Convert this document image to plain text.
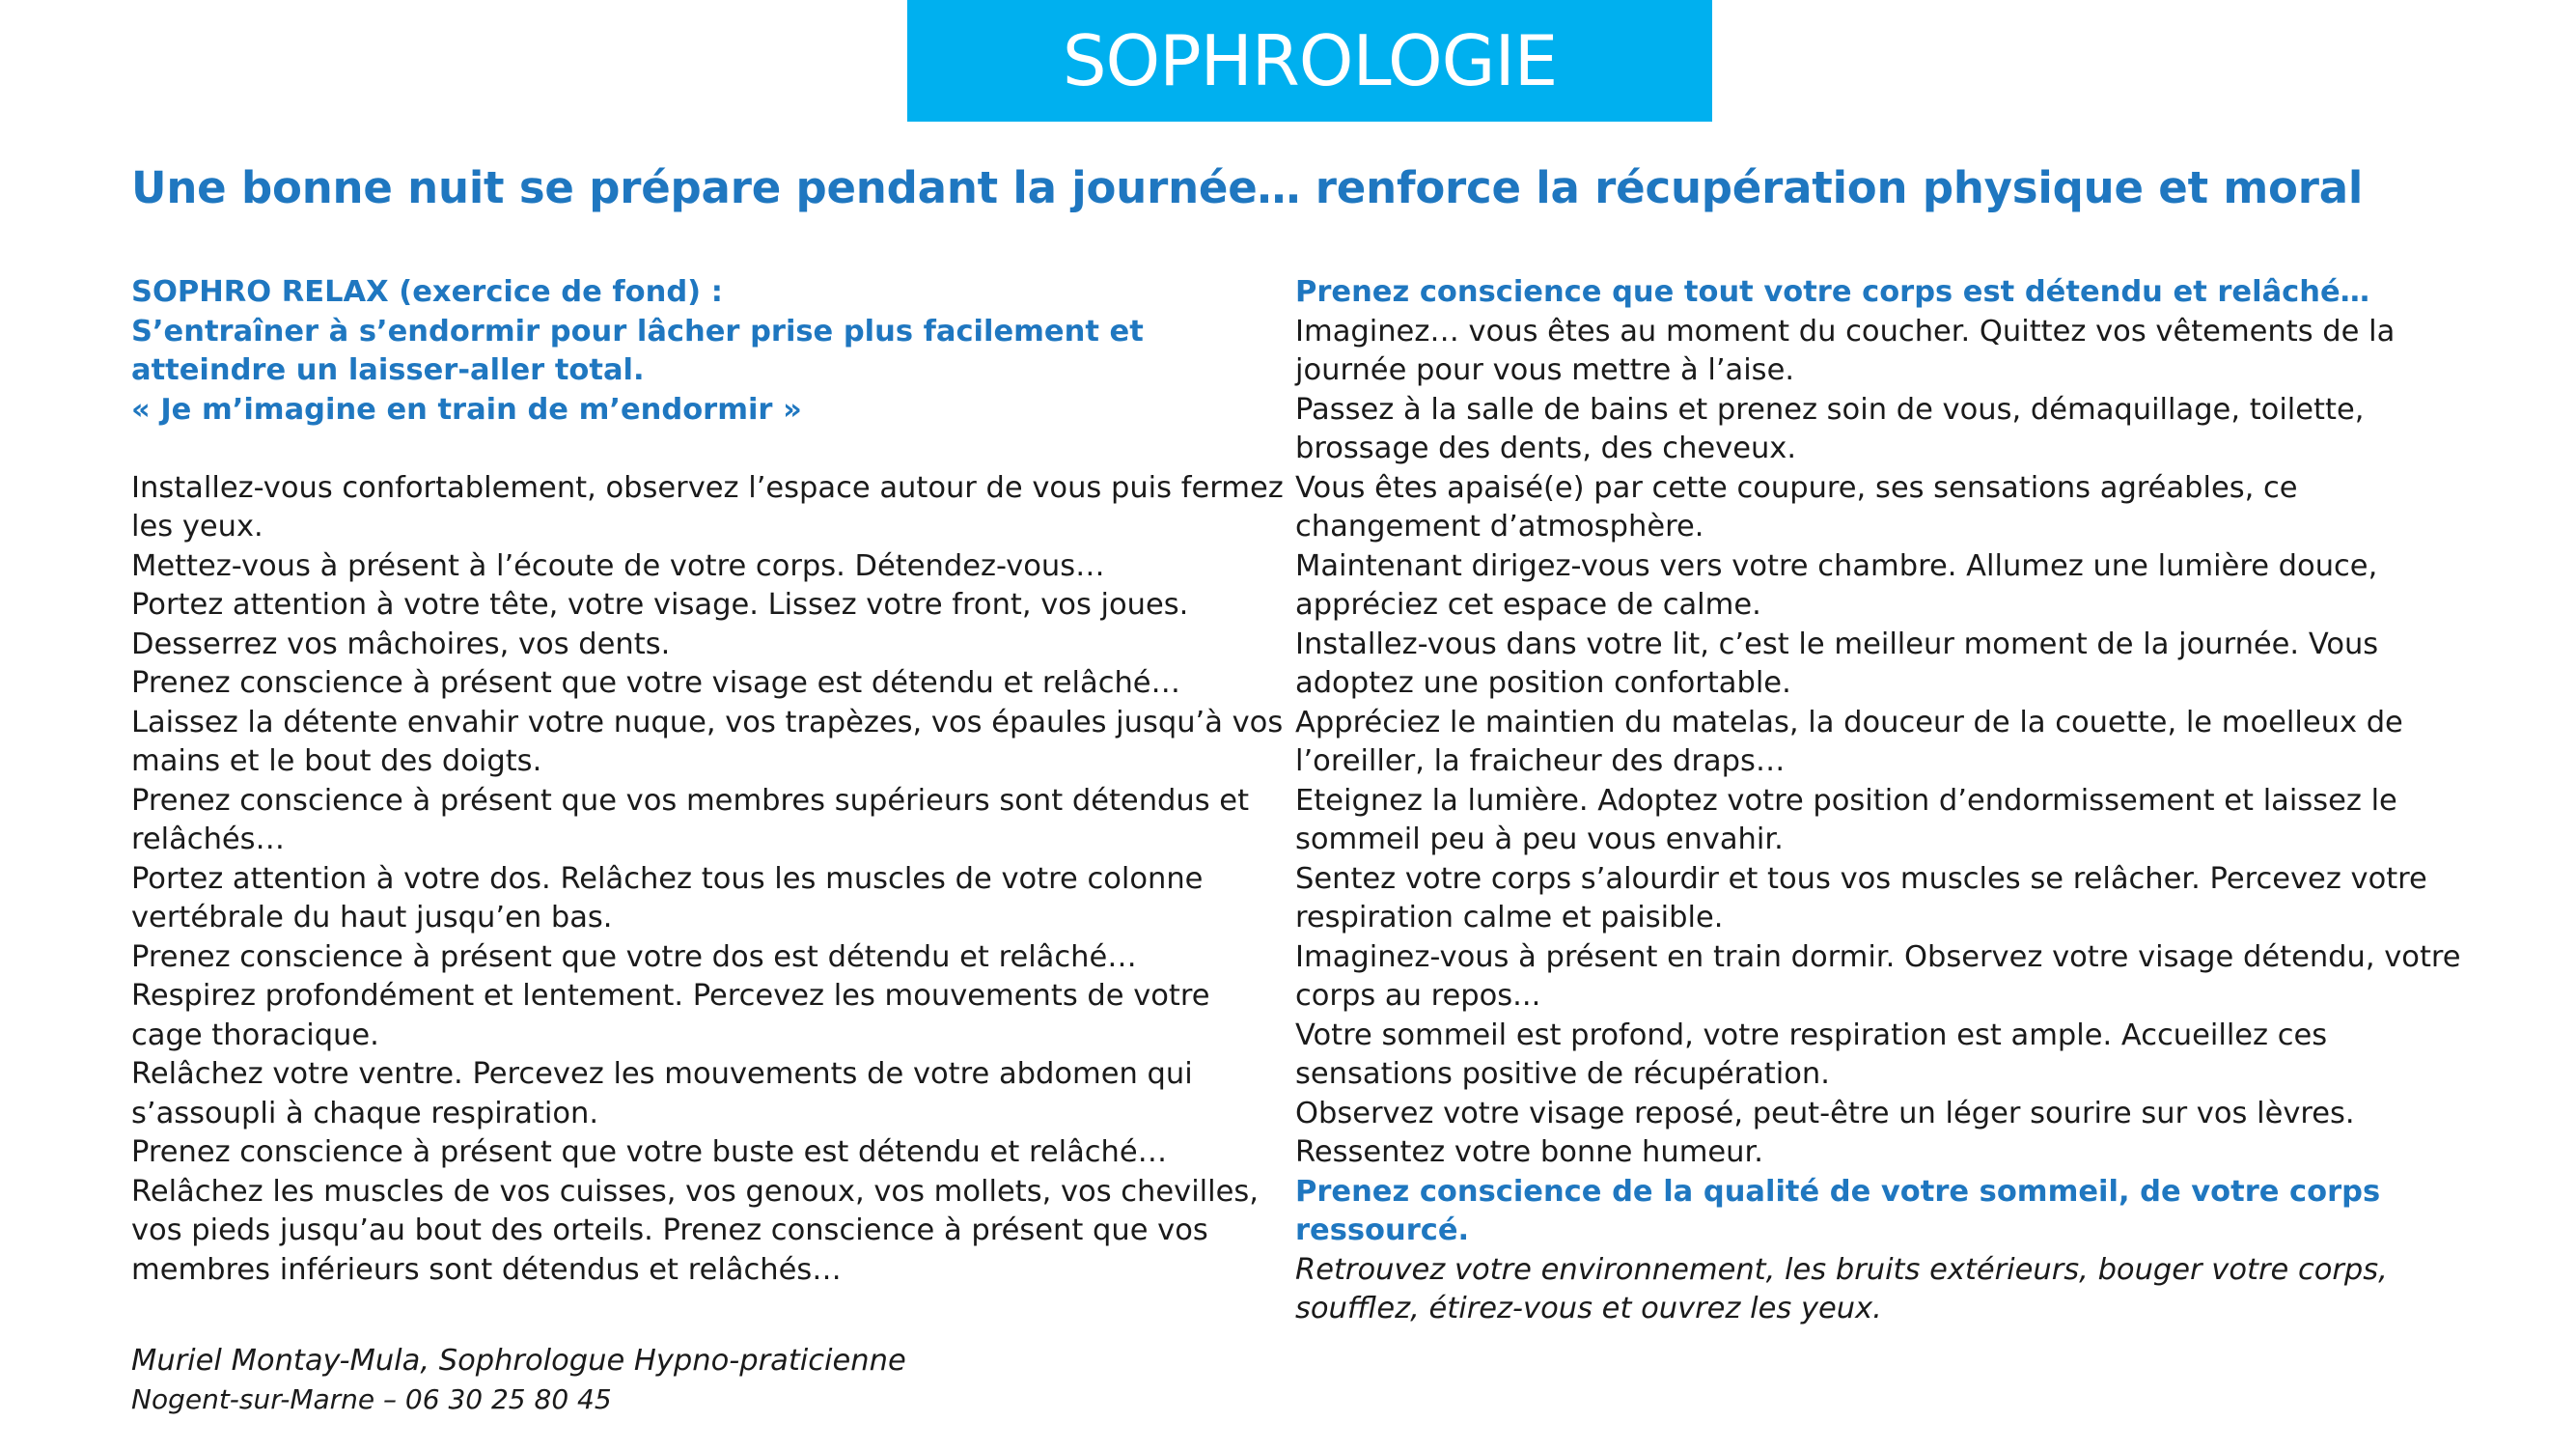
SOPHROLOGIE
Une bonne nuit se prépare pendant la journée… renforce la récupération physique et moral

SOPHRO RELAX (exercice de fond) :

S’entraîner à s’endormir pour lâcher prise plus facilement et atteindre un laisser-aller total.

« Je m’imagine en train de m’endormir »

Installez-vous confortablement, observez l’espace autour de vous puis fermez les yeux.

Mettez-vous à présent à l’écoute de votre corps. Détendez-vous…

Portez attention à votre tête, votre visage. Lissez votre front, vos joues.

Desserrez vos mâchoires, vos dents.

Prenez conscience à présent que votre visage est détendu et relâché…

Laissez la détente envahir votre nuque, vos trapèzes, vos épaules jusqu’à vos mains et le bout des doigts.

Prenez conscience à présent que vos membres supérieurs sont détendus et relâchés…

Portez attention à votre dos. Relâchez tous les muscles de votre colonne vertébrale du haut jusqu’en bas.

Prenez conscience à présent que votre dos est détendu et relâché…

Respirez profondément et lentement. Percevez les mouvements de votre cage thoracique.

Relâchez votre ventre. Percevez les mouvements de votre abdomen qui s’assoupli à chaque respiration.

Prenez conscience à présent que votre buste est détendu et relâché…

Relâchez les muscles de vos cuisses, vos genoux, vos mollets, vos chevilles, vos pieds jusqu’au bout des orteils. Prenez conscience à présent que vos membres inférieurs sont détendus et relâchés…

Prenez conscience que tout votre corps est détendu et relâché…

Imaginez… vous êtes au moment du coucher. Quittez vos vêtements de la journée pour vous mettre à l’aise.

Passez à la salle de bains et prenez soin de vous, démaquillage, toilette, brossage des dents, des cheveux.

Vous êtes apaisé(e) par cette coupure, ses sensations agréables, ce changement d’atmosphère.

Maintenant dirigez-vous vers votre chambre. Allumez une lumière douce, appréciez cet espace de calme.

Installez-vous dans votre lit, c’est le meilleur moment de la journée. Vous adoptez une position confortable.

Appréciez le maintien du matelas, la douceur de la couette, le moelleux de l’oreiller, la fraicheur des draps…

Eteignez la lumière. Adoptez votre position d’endormissement et laissez le sommeil peu à peu vous envahir.

Sentez votre corps s’alourdir et tous vos muscles se relâcher. Percevez votre respiration calme et paisible.

Imaginez-vous à présent en train dormir. Observez votre visage détendu, votre corps au repos...

Votre sommeil est profond, votre respiration est ample. Accueillez ces sensations positive de récupération.

Observez votre visage reposé, peut-être un léger sourire sur vos lèvres.

Ressentez votre bonne humeur.

Prenez conscience de la qualité de votre sommeil, de votre corps ressourcé.

Retrouvez votre environnement, les bruits extérieurs, bouger votre corps, soufflez, étirez-vous et ouvrez les yeux.

Muriel Montay-Mula, Sophrologue Hypno-praticienne
Nogent-sur-Marne – 06 30 25 80 45
